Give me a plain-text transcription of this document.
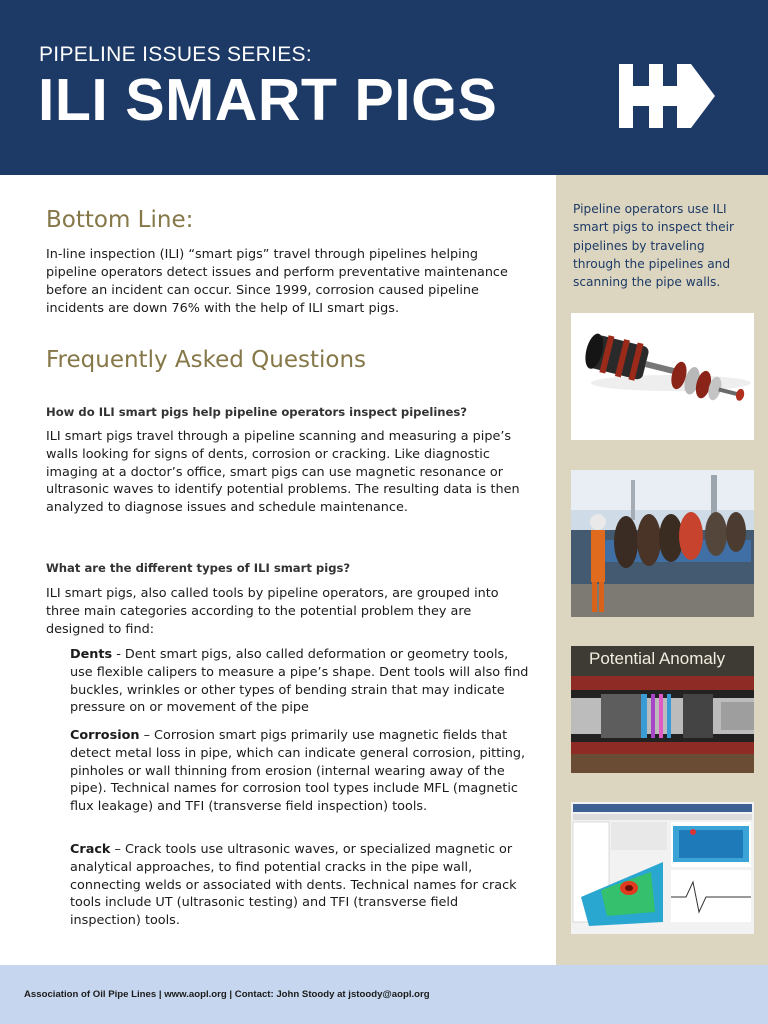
PIPELINE ISSUES SERIES:
ILI SMART PIGS
Bottom Line:
In-line inspection (ILI) “smart pigs” travel through pipelines helping pipeline operators detect issues and perform preventative maintenance before an incident can occur. Since 1999, corrosion caused pipeline incidents are down 76% with the help of ILI smart pigs.
Frequently Asked Questions
How do ILI smart pigs help pipeline operators inspect pipelines?
ILI smart pigs travel through a pipeline scanning and measuring a pipe’s walls looking for signs of dents, corrosion or cracking. Like diagnostic imaging at a doctor’s office, smart pigs can use magnetic resonance or ultrasonic waves to identify potential problems. The resulting data is then analyzed to diagnose issues and schedule maintenance.
What are the different types of ILI smart pigs?
ILI smart pigs, also called tools by pipeline operators, are grouped into three main categories according to the potential problem they are designed to find:
Dents - Dent smart pigs, also called deformation or geometry tools, use flexible calipers to measure a pipe’s shape. Dent tools will also find buckles, wrinkles or other types of bending strain that may indicate pressure on or movement of the pipe
Corrosion – Corrosion smart pigs primarily use magnetic fields that detect metal loss in pipe, which can indicate general corrosion, pitting, pinholes or wall thinning from erosion (internal wearing away of the pipe). Technical names for corrosion tool types include MFL (magnetic flux leakage) and TFI (transverse field inspection) tools.
Crack – Crack tools use ultrasonic waves, or specialized magnetic or analytical approaches, to find potential cracks in the pipe wall, connecting welds or associated with dents. Technical names for crack tools include UT (ultrasonic testing) and TFI (transverse field inspection) tools.
Pipeline operators use ILI smart pigs to inspect their pipelines by traveling through the pipelines and scanning the pipe walls.
Potential Anomaly
Association of Oil Pipe Lines | www.aopl.org | Contact: John Stoody at jstoody@aopl.org
